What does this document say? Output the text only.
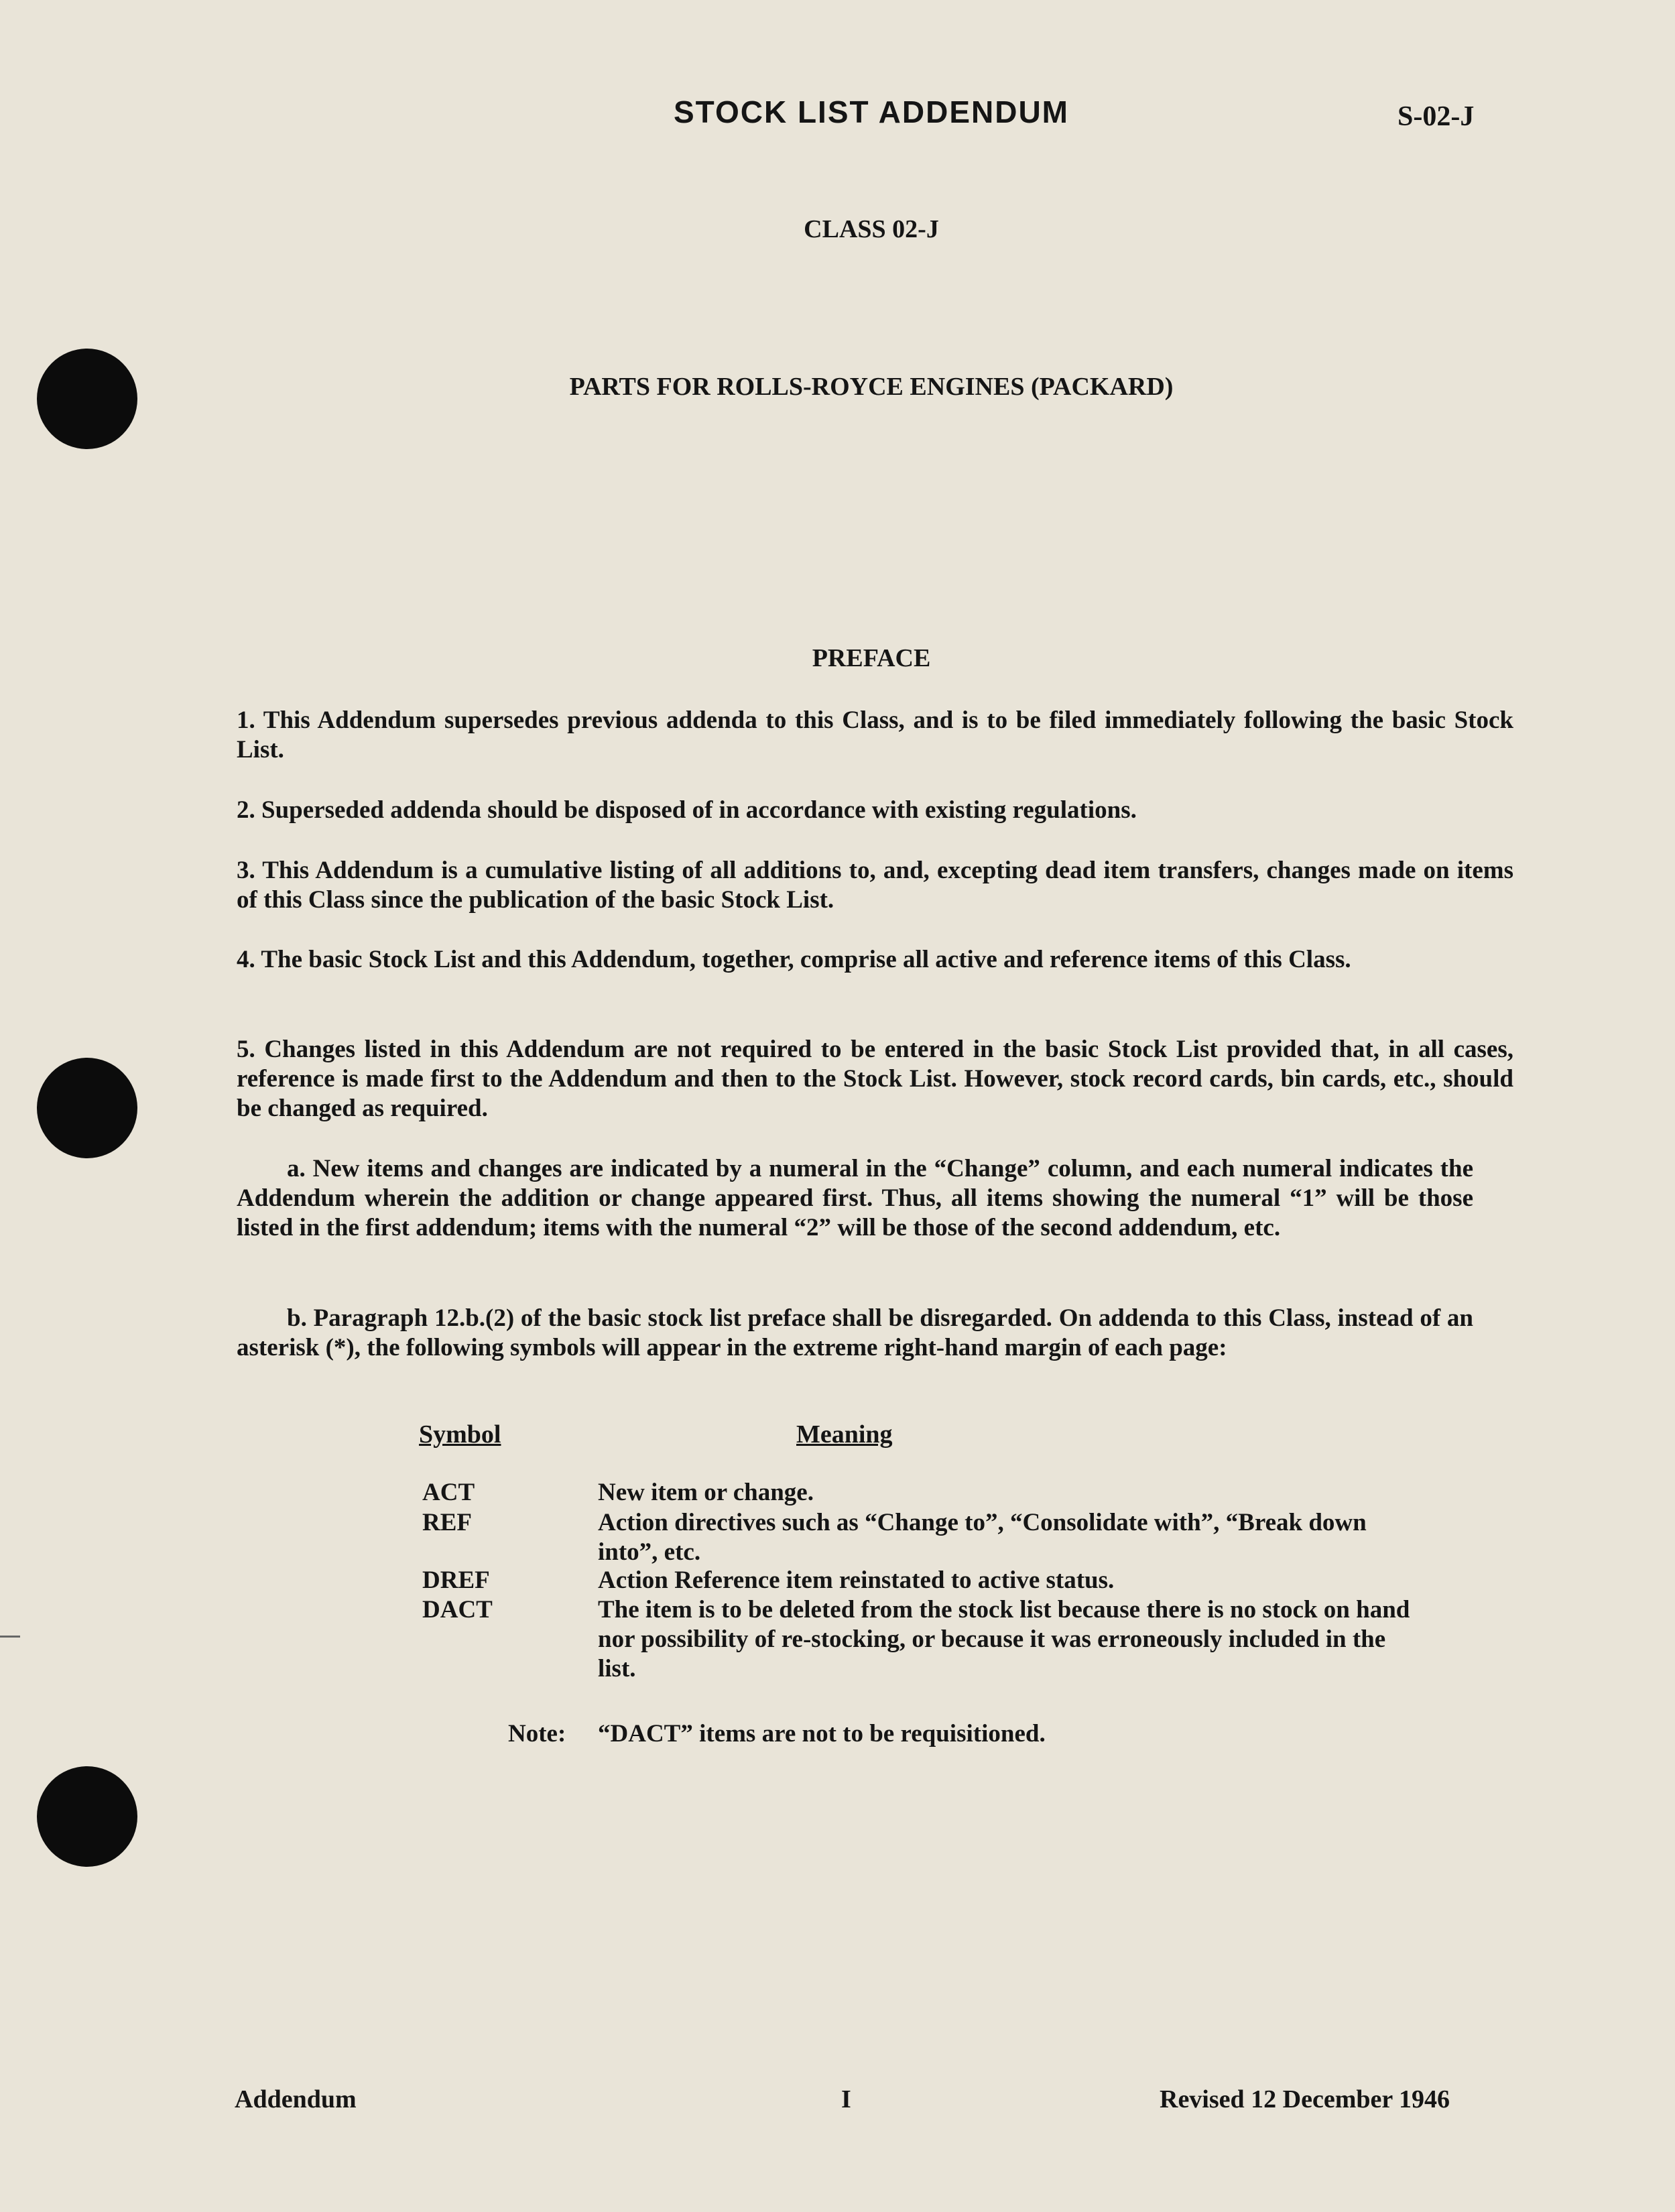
STOCK LIST ADDENDUM	S-02-J
CLASS 02-J
PARTS FOR ROLLS-ROYCE ENGINES (PACKARD)
PREFACE
1. This Addendum supersedes previous addenda to this Class, and is to be filed immediately following the basic Stock List.
2. Superseded addenda should be disposed of in accordance with existing regulations.
3. This Addendum is a cumulative listing of all additions to, and, excepting dead item transfers, changes made on items of this Class since the publication of the basic Stock List.
4. The basic Stock List and this Addendum, together, comprise all active and reference items of this Class.
5. Changes listed in this Addendum are not required to be entered in the basic Stock List provided that, in all cases, reference is made first to the Addendum and then to the Stock List. However, stock record cards, bin cards, etc., should be changed as required.
a. New items and changes are indicated by a numeral in the “Change” column, and each numeral indicates the Addendum wherein the addition or change appeared first. Thus, all items showing the numeral “1” will be those listed in the first addendum; items with the numeral “2” will be those of the second addendum, etc.
b. Paragraph 12.b.(2) of the basic stock list preface shall be disregarded. On addenda to this Class, instead of an asterisk (*), the following symbols will appear in the extreme right-hand margin of each page:
Symbol	Meaning
ACT	New item or change.
REF	Action directives such as “Change to”, “Consolidate with”, “Break down into”, etc.
DREF	Action Reference item reinstated to active status.
DACT	The item is to be deleted from the stock list because there is no stock on hand nor possibility of re-stocking, or because it was erroneously included in the list.
Note: “DACT” items are not to be requisitioned.
Addendum	I	Revised 12 December 1946
